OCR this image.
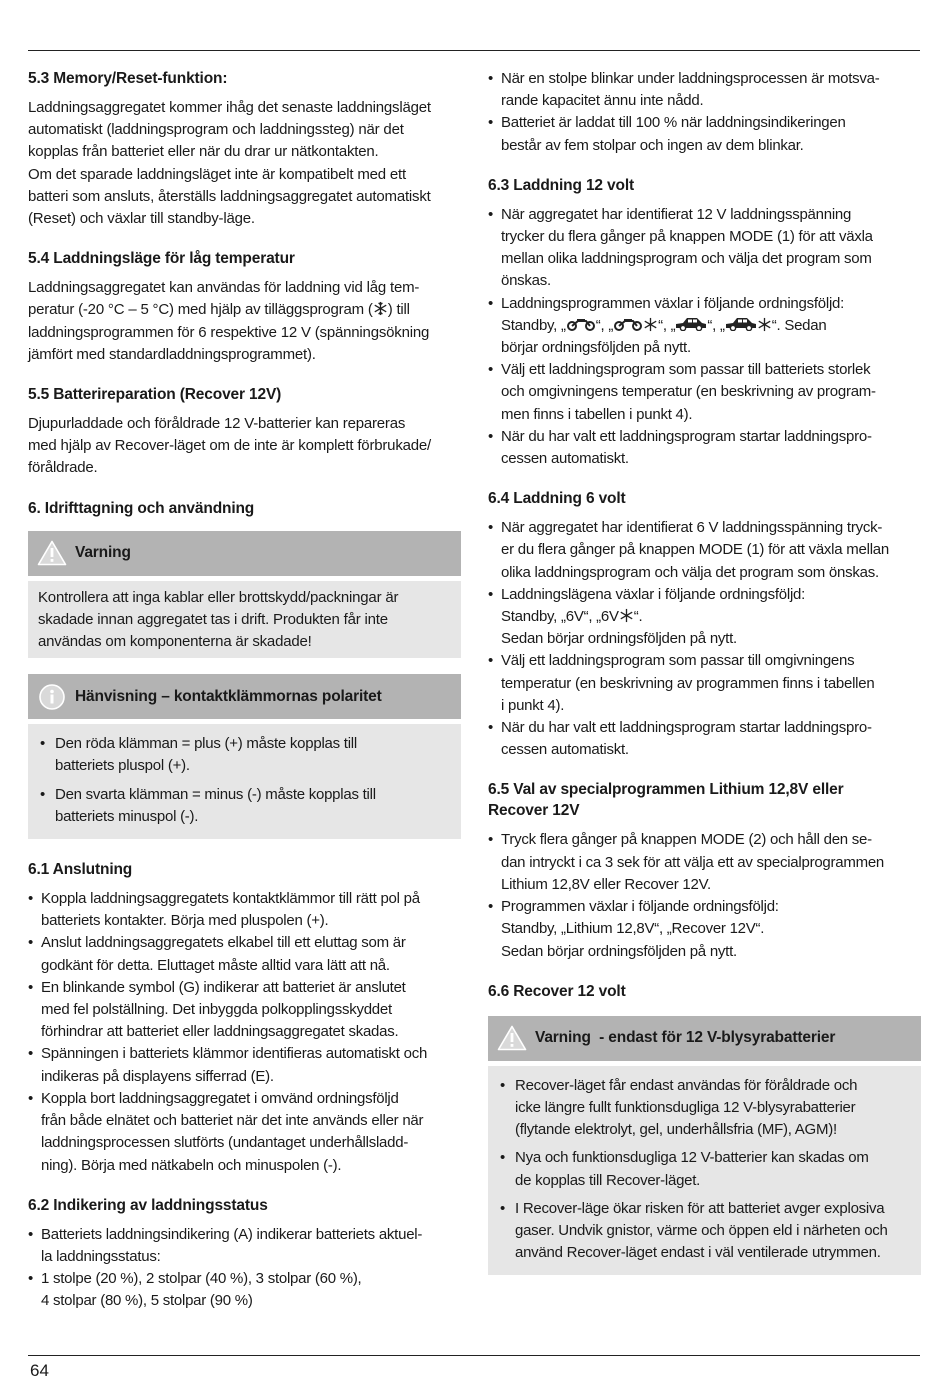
5.3 Memory/Reset-funktion:

Laddningsaggregatet kommer ihåg det senaste laddningsläget
automatiskt (laddningsprogram och laddningssteg) när det
kopplas från batteriet eller när du drar ur nätkontakten.
Om det sparade laddningsläget inte är kompatibelt med ett
batteri som ansluts, återställs laddningsaggregatet automatiskt
(Reset) och växlar till standby-läge.

5.4 Laddningsläge för låg temperatur

Laddningsaggregatet kan användas för laddning vid låg tem-
peratur (-20 °C – 5 °C) med hjälp av tilläggsprogram ( ) till
laddningsprogrammen för 6 respektive 12 V (spänningsökning
jämfört med standardladdningsprogrammet).

5.5 Batterireparation (Recover 12V)

Djupurladdade och föråldrade 12 V-batterier kan repareras
med hjälp av Recover-läget om de inte är komplett förbrukade/
föråldrade.

6. Idrifttagning och användning
Varning

Kontrollera att inga kablar eller brottskydd/packningar är
skadade innan aggregatet tas i drift. Produkten får inte
användas om komponenterna är skadade!

Hänvisning – kontaktklämmornas polaritet
• Den röda klämman = plus (+) måste kopplas till
batteriets pluspol (+).
• Den svarta klämman = minus (-) måste kopplas till
batteriets minuspol (-).
6.1 Anslutning
• Koppla laddningsaggregatets kontaktklämmor till rätt pol på
batteriets kontakter. Börja med pluspolen (+).
• Anslut laddningsaggregatets elkabel till ett eluttag som är
godkänt för detta. Eluttaget måste alltid vara lätt att nå.
• En blinkande symbol (G) indikerar att batteriet är anslutet
med fel polställning. Det inbyggda polkopplingsskyddet
förhindrar att batteriet eller laddningsaggregatet skadas.
• Spänningen i batteriets klämmor identifieras automatiskt och
indikeras på displayens sifferrad (E).
• Koppla bort laddningsaggregatet i omvänd ordningsföljd
från både elnätet och batteriet när det inte används eller när
laddningsprocessen slutförts (undantaget underhållsladd-
ning). Börja med nätkabeln och minuspolen (-).
6.2 Indikering av laddningsstatus
• Batteriets laddningsindikering (A) indikerar batteriets aktuel-
la laddningsstatus:
• 1 stolpe (20 %), 2 stolpar (40 %), 3 stolpar (60 %),
4 stolpar (80 %), 5 stolpar (90 %)
• När en stolpe blinkar under laddningsprocessen är motsva-
rande kapacitet ännu inte nådd.
• Batteriet är laddat till 100 % när laddningsindikeringen
består av fem stolpar och ingen av dem blinkar.
6.3 Laddning 12 volt
• När aggregatet har identifierat 12 V laddningsspänning
trycker du flera gånger på knappen MODE (1) för att växla
mellan olika laddningsprogram och välja det program som
önskas.
• Laddningsprogrammen växlar i följande ordningsföljd:
Standby, „ “, „	“, „ “, „	“. Sedan
börjar ordningsföljden på nytt.
• Välj ett laddningsprogram som passar till batteriets storlek
och omgivningens temperatur (en beskrivning av program-
men finns i tabellen i punkt 4).
• När du har valt ett laddningsprogram startar laddningspro-
cessen automatiskt.
6.4 Laddning 6 volt
• När aggregatet har identifierat 6 V laddningsspänning tryck-
er du flera gånger på knappen MODE (1) för att växla mellan
olika laddningsprogram och välja det program som önskas.
• Laddningslägena växlar i följande ordningsföljd:
Standby, „6V“, „6V “.
Sedan börjar ordningsföljden på nytt.
• Välj ett laddningsprogram som passar till omgivningens
temperatur (en beskrivning av programmen finns i tabellen
i punkt 4).
• När du har valt ett laddningsprogram startar laddningspro-
cessen automatiskt.
6.5 Val av specialprogrammen Lithium 12,8V eller
Recover 12V
• Tryck flera gånger på knappen MODE (2) och håll den se-
dan intryckt i ca 3 sek för att välja ett av specialprogrammen
Lithium 12,8V eller Recover 12V.
• Programmen växlar i följande ordningsföljd:
Standby, „Lithium 12,8V“, „Recover 12V“.
Sedan börjar ordningsföljden på nytt.
6.6 Recover 12 volt
Varning  - endast för 12 V-blysyrabatterier
• Recover-läget får endast användas för föråldrade och
icke längre fullt funktionsdugliga 12 V-blysyrabatterier
(flytande elektrolyt, gel, underhållsfria (MF), AGM)!
• Nya och funktionsdugliga 12 V-batterier kan skadas om
de kopplas till Recover-läget.
• I Recover-läge ökar risken för att batteriet avger explosiva
gaser. Undvik gnistor, värme och öppen eld i närheten och
använd Recover-läget endast i väl ventilerade utrymmen.
64
